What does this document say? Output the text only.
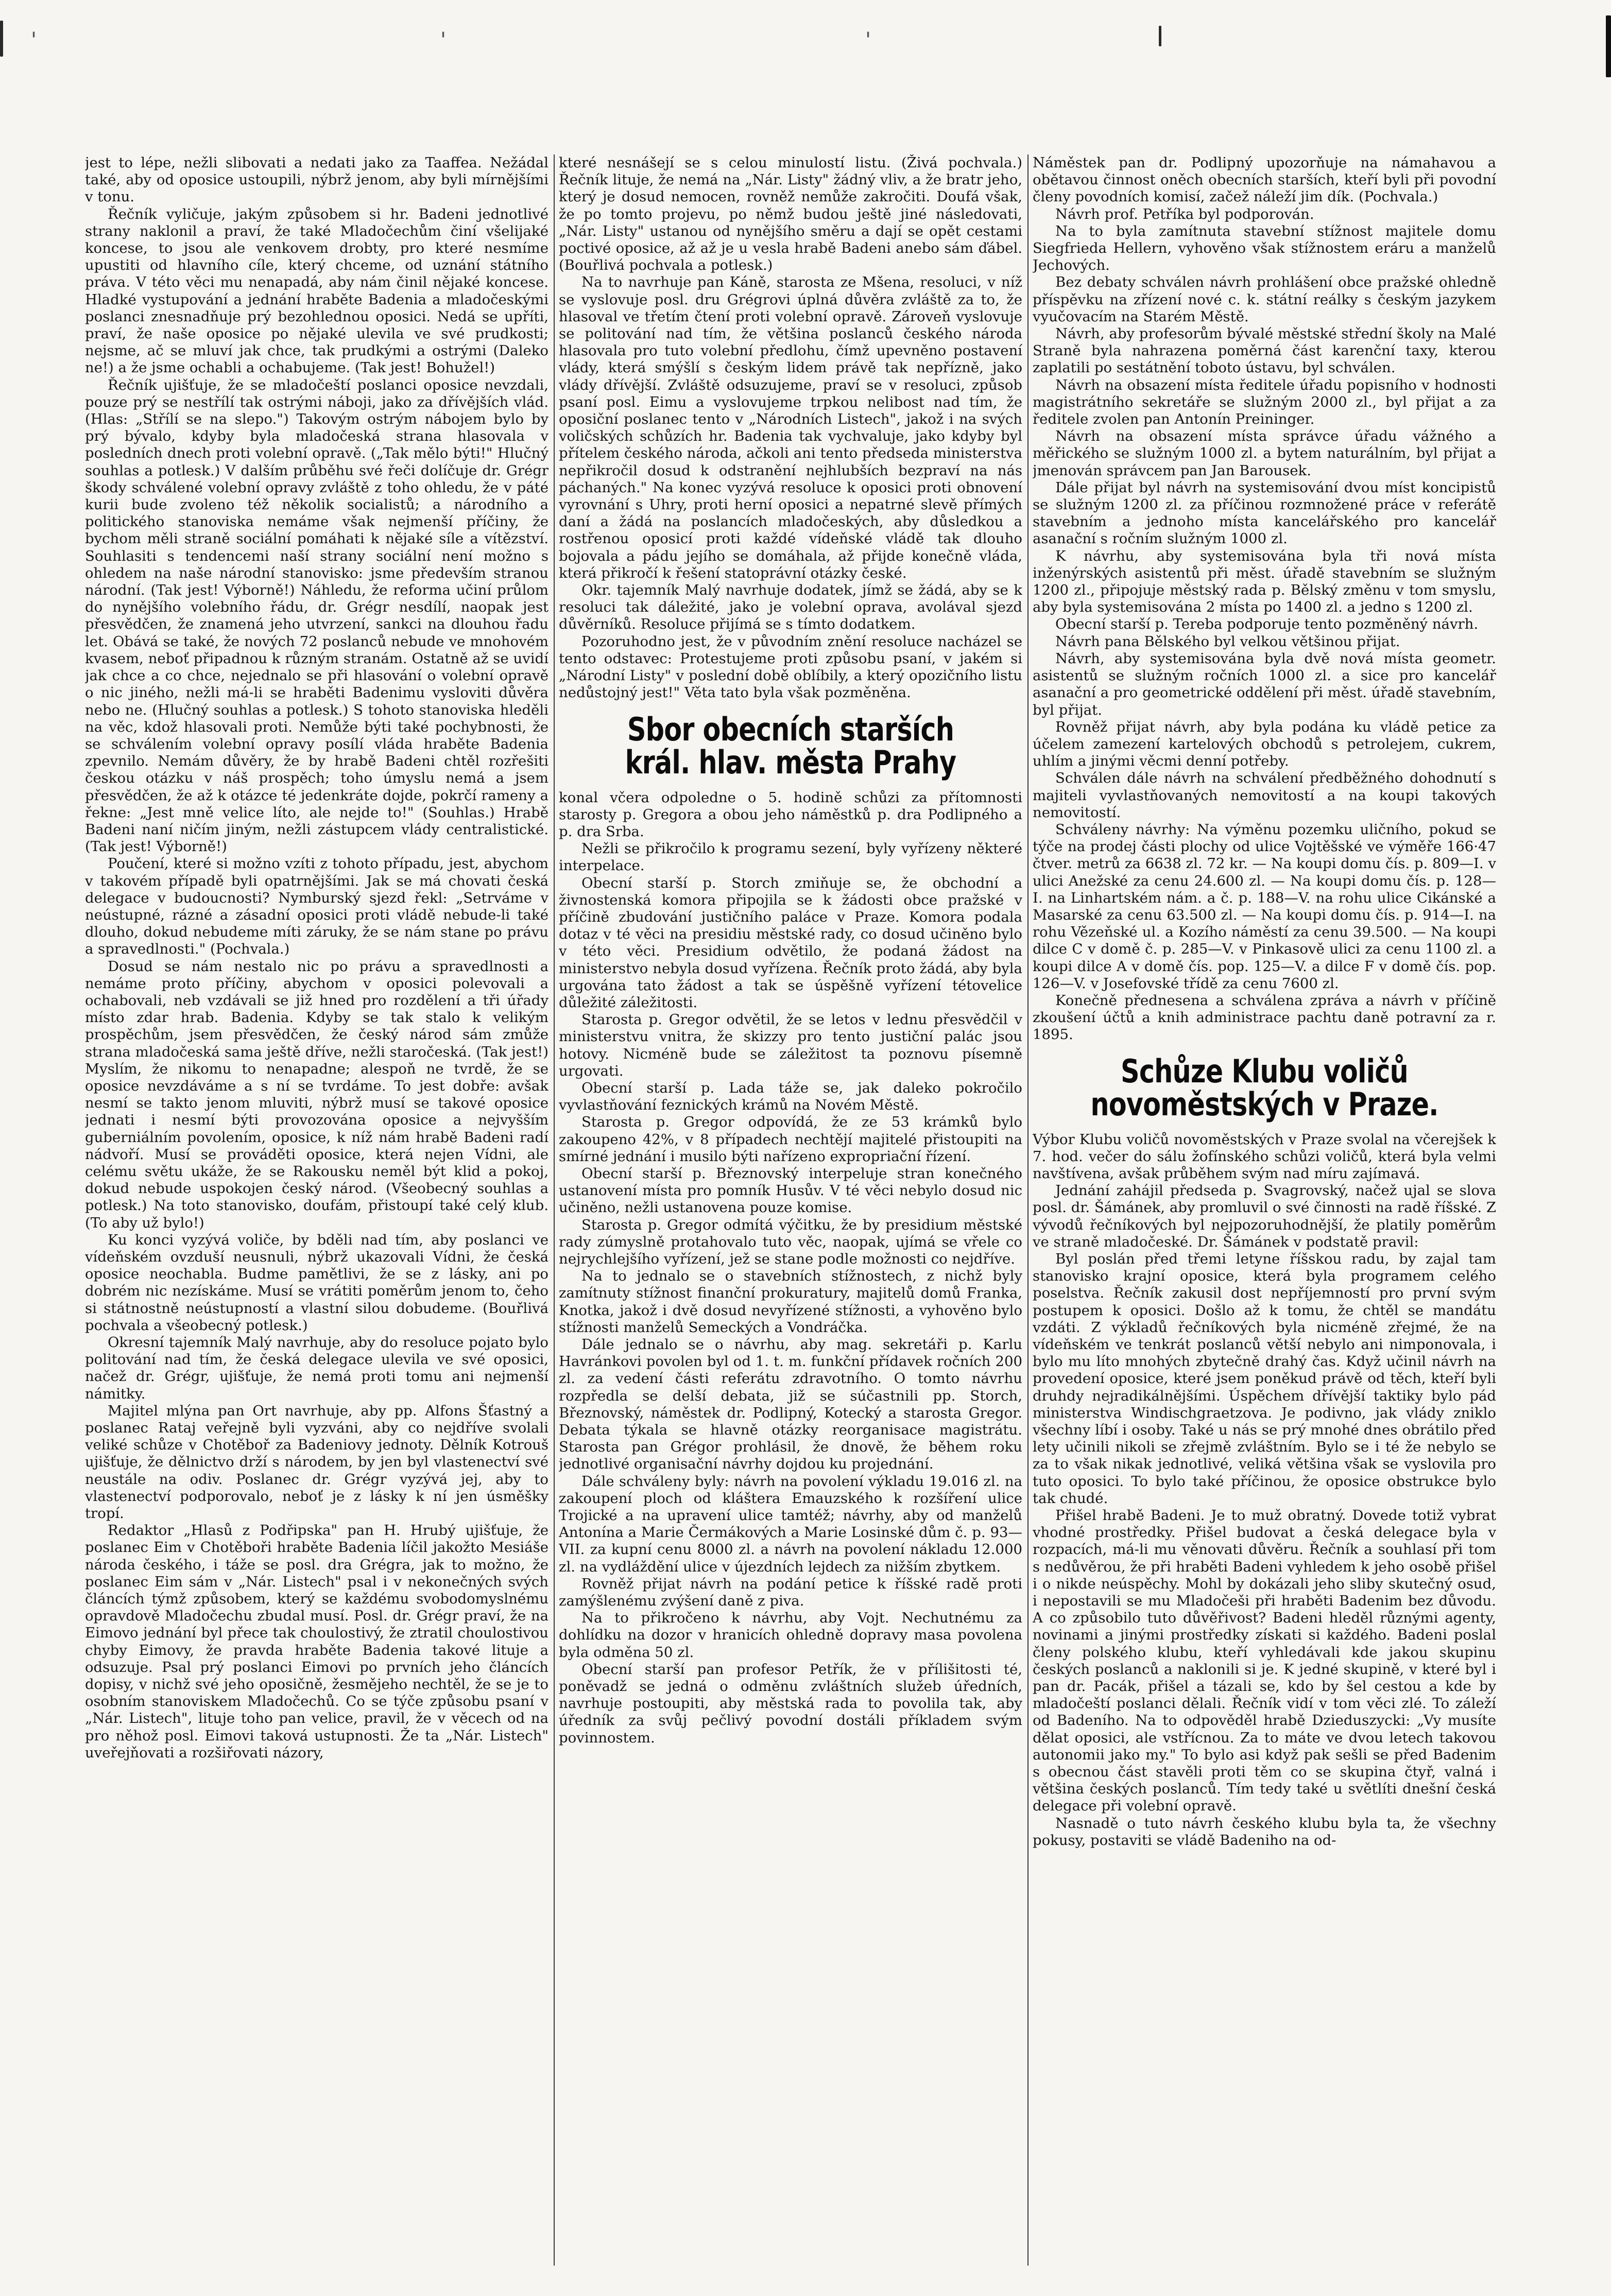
'	'	'

jest to lépe, nežli slibovati a nedati jako za Taaffea. Nežádal také, aby od oposice ustoupili, nýbrž jenom, aby byli mírnějšími v tonu.

Řečník vyličuje, jakým způsobem si hr. Badeni jednotlivé strany naklonil a praví, že také Mladočechům činí všelijaké koncese, to jsou ale venkovem drobty, pro které nesmíme upustiti od hlavního cíle, který chceme, od uznání státního práva. V této věci mu nenapadá, aby nám činil nějaké koncese. Hladké vystupování a jednání hraběte Badenia a mladočeskými poslanci znesnadňuje prý bezohlednou oposici. Nedá se upříti, praví, že naše oposice po nějaké ulevila ve své prudkosti; nejsme, ač se mluví jak chce, tak prudkými a ostrými (Daleko ne!) a že jsme ochabli a ochabujeme. (Tak jest! Bohužel!)

Řečník ujišťuje, že se mladočeští poslanci oposice nevzdali, pouze prý se nestřílí tak ostrými náboji, jako za dřívějších vlád. (Hlas: „Střílí se na slepo.") Takovým ostrým nábojem bylo by prý bývalo, kdyby byla mladočeská strana hlasovala v posledních dnech proti volební opravě. („Tak mělo býti!" Hlučný souhlas a potlesk.) V dalším průběhu své řeči dolíčuje dr. Grégr škody schválené volební opravy zvláště z toho ohledu, že v páté kurii bude zvoleno též několik socialistů; a národního a politického stanoviska nemáme však nejmenší příčiny, že bychom měli straně sociální pomáhati k nějaké síle a vítězství. Souhlasiti s tendencemi naší strany sociální není možno s ohledem na naše národní stanovisko: jsme především stranou národní. (Tak jest! Výborně!) Náhledu, že reforma učiní průlom do nynějšího volebního řádu, dr. Grégr nesdílí, naopak jest přesvědčen, že znamená jeho utvrzení, sankci na dlouhou řadu let. Obává se také, že nových 72 poslanců nebude ve mnohovém kvasem, neboť připadnou k různým stranám. Ostatně až se uvidí jak chce a co chce, nejednalo se při hlasování o volební opravě o nic jiného, nežli má-li se hraběti Badenimu vysloviti důvěra nebo ne. (Hlučný souhlas a potlesk.) S tohoto stanoviska hleděli na věc, kdož hlasovali proti. Nemůže býti také pochybnosti, že se schválením volební opravy posílí vláda hraběte Badenia zpevnilo. Nemám důvěry, že by hrabě Badeni chtěl rozřešiti českou otázku v náš prospěch; toho úmyslu nemá a jsem přesvědčen, že až k otázce té jedenkráte dojde, pokrčí rameny a řekne: „Jest mně velice líto, ale nejde to!" (Souhlas.) Hrabě Badeni naní ničím jiným, nežli zástupcem vlády centralistické. (Tak jest! Výborně!)

Poučení, které si možno vzíti z tohoto případu, jest, abychom v takovém případě byli opatrnějšími. Jak se má chovati česká delegace v budoucnosti? Nymburský sjezd řekl: „Setrváme v neústupné, rázné a zásadní oposici proti vládě nebude-li také dlouho, dokud nebudeme míti záruky, že se nám stane po právu a spravedlnosti." (Pochvala.)

Dosud se nám nestalo nic po právu a spravedlnosti a nemáme proto příčiny, abychom v oposici polevovali a ochabovali, neb vzdávali se již hned pro rozdělení a tři úřady místo zdar hrab. Badenia. Kdyby se tak stalo k velikým prospěchům, jsem přesvědčen, že český národ sám zmůže strana mladočeská sama ještě dříve, nežli staročeská. (Tak jest!) Myslím, že nikomu to nenapadne; alespoň ne tvrdě, že se oposice nevzdáváme a s ní se tvrdáme. To jest dobře: avšak nesmí se takto jenom mluviti, nýbrž musí se takové oposice jednati i nesmí býti provozována oposice a nejvyšším guberniálním povolením, oposice, k níž nám hrabě Badeni radí nádvoří. Musí se prováděti oposice, která nejen Vídni, ale celému světu ukáže, že se Rakousku neměl být klid a pokoj, dokud nebude uspokojen český národ. (Všeobecný souhlas a potlesk.) Na toto stanovisko, doufám, přistoupí také celý klub. (To aby už bylo!)

Ku konci vyzývá voliče, by bděli nad tím, aby poslanci ve vídeňském ovzduší neusnuli, nýbrž ukazovali Vídni, že česká oposice neochabla. Budme pamětlivi, že se z lásky, ani po dobrém nic nezískáme. Musí se vrátiti poměrům jenom to, čeho si státnostně neústupností a vlastní silou dobudeme. (Bouřlivá pochvala a všeobecný potlesk.)

Okresní tajemník Malý navrhuje, aby do resoluce pojato bylo politování nad tím, že česká delegace ulevila ve své oposici, načež dr. Grégr, ujišťuje, že nemá proti tomu ani nejmenší námitky.

Majitel mlýna pan Ort navrhuje, aby pp. Alfons Šťastný a poslanec Rataj veřejně byli vyzváni, aby co nejdříve svolali veliké schůze v Chotěboř za Badeniovy jednoty. Dělník Kotrouš ujišťuje, že dělnictvo drží s národem, by jen byl vlastenectví své neustále na odiv. Poslanec dr. Grégr vyzývá jej, aby to vlastenectví podporovalo, neboť je z lásky k ní jen úsměšky tropí.

Redaktor „Hlasů z Podřipska" pan H. Hrubý ujišťuje, že poslanec Eim v Chotěboři hraběte Badenia líčil jakožto Mesiáše národa českého, i táže se posl. dra Grégra, jak to možno, že poslanec Eim sám v „Nár. Listech" psal i v nekonečných svých článcích týmž způsobem, který se každému svobodomyslnému opravdově Mladočechu zbudal musí. Posl. dr. Grégr praví, že na Eimovo jednání byl přece tak choulostivý, že ztratil choulostivou chyby Eimovy, že pravda hraběte Badenia takové lituje a odsuzuje. Psal prý poslanci Eimovi po prvních jeho článcích dopisy, v nichž své jeho oposičně, žesmějeho nechtěl, že se je to osobním stanoviskem Mladočechů. Co se týče způsobu psaní v „Nár. Listech", lituje toho pan velice, pravil, že v věcech od na pro něhož posl. Eimovi taková ustupnosti. Že ta „Nár. Listech" uveřejňovati a rozšiřovati názory,

které nesnášejí se s celou minulostí listu. (Živá pochvala.) Řečník lituje, že nemá na „Nár. Listy" žádný vliv, a že bratr jeho, který je dosud nemocen, rovněž nemůže zakročiti. Doufá však, že po tomto projevu, po němž budou ještě jiné následovati, „Nár. Listy" ustanou od nynějšího směru a dají se opět cestami poctivé oposice, až až je u vesla hrabě Badeni anebo sám ďábel. (Bouřlivá pochvala a potlesk.)

Na to navrhuje pan Káně, starosta ze Mšena, resoluci, v níž se vyslovuje posl. dru Grégrovi úplná důvěra zvláště za to, že hlasoval ve třetím čtení proti volební opravě. Zároveň vyslovuje se politování nad tím, že většina poslanců českého národa hlasovala pro tuto volební předlohu, čímž upevněno postavení vlády, která smýšlí s českým lidem právě tak nepřízně, jako vlády dřívější. Zvláště odsuzujeme, praví se v resoluci, způsob psaní posl. Eimu a vyslovujeme trpkou nelibost nad tím, že oposiční poslanec tento v „Národních Listech", jakož i na svých voličských schůzích hr. Badenia tak vychvaluje, jako kdyby byl přítelem českého národa, ačkoli ani tento předseda ministerstva nepřikročil dosud k odstranění nejhlubších bezpraví na nás páchaných." Na konec vyzývá resoluce k oposici proti obnovení vyrovnání s Uhry, proti herní oposici a nepatrné slevě přímých daní a žádá na poslancích mladočeských, aby důsledkou a rostřenou oposicí proti každé vídeňské vládě tak dlouho bojovala a pádu jejího se domáhala, až přijde konečně vláda, která přikročí k řešení statoprávní otázky české.

Okr. tajemník Malý navrhuje dodatek, jímž se žádá, aby se k resoluci tak dáležité, jako je volební oprava, avolával sjezd důvěrníků. Resoluce přijímá se s tímto dodatkem.

Pozoruhodno jest, že v původním znění resoluce nacházel se tento odstavec: Protestujeme proti způsobu psaní, v jakém si „Národní Listy" v poslední době oblíbily, a který opozičního listu nedůstojný jest!" Věta tato byla však pozměněna.

Sbor obecních starších král. hlav. města Prahy

konal včera odpoledne o 5. hodině schůzi za přítomnosti starosty p. Gregora a obou jeho náměstků p. dra Podlipného a p. dra Srba.

Nežli se přikročilo k programu sezení, byly vyřízeny některé interpelace.

Obecní starší p. Storch zmiňuje se, že obchodní a živnostenská komora připojila se k žádosti obce pražské v příčině zbudování justičního paláce v Praze. Komora podala dotaz v té věci na presidiu městské rady, co dosud učiněno bylo v této věci. Presidium odvětilo, že podaná žádost na ministerstvo nebyla dosud vyřízena. Řečník proto žádá, aby byla urgována tato žádost a tak se úspěšně vyřízení tétovelice důležité záležitosti.

Starosta p. Gregor odvětil, že se letos v lednu přesvědčil v ministerstvu vnitra, že skizzy pro tento justiční palác jsou hotovy. Nicméně bude se záležitost ta poznovu písemně urgovati.

Obecní starší p. Lada táže se, jak daleko pokročilo vyvlastňování feznických krámů na Novém Městě.

Starosta p. Gregor odpovídá, že ze 53 krámků bylo zakoupeno 42%, v 8 případech nechtějí majitelé přistoupiti na smírné jednání i musilo býti nařízeno expropriační řízení.

Obecní starší p. Březnovský interpeluje stran konečného ustanovení místa pro pomník Husův. V té věci nebylo dosud nic učiněno, nežli ustanovena pouze komise.

Starosta p. Gregor odmítá výčitku, že by presidium městské rady zúmyslně protahovalo tuto věc, naopak, ujímá se vřele co nejrychlejšího vyřízení, jež se stane podle možnosti co nejdříve.

Na to jednalo se o stavebních stížnostech, z nichž byly zamítnuty stížnost finanční prokuratury, majitelů domů Franka, Knotka, jakož i dvě dosud nevyřízené stížnosti, a vyhověno bylo stížnosti manželů Semeckých a Vondráčka.

Dále jednalo se o návrhu, aby mag. sekretáři p. Karlu Havránkovi povolen byl od 1. t. m. funkční přídavek ročních 200 zl. za vedení části referátu zdravotního. O tomto návrhu rozpředla se delší debata, již se súčastnili pp. Storch, Březnovský, náměstek dr. Podlipný, Kotecký a starosta Gregor. Debata týkala se hlavně otázky reorganisace magistrátu. Starosta pan Grégor prohlásil, že dnově, že během roku jednotlivé organisační návrhy dojdou ku projednání.

Dále schváleny byly: návrh na povolení výkladu 19.016 zl. na zakoupení ploch od kláštera Emauzského k rozšíření ulice Trojické a na upravení ulice tamtéž; návrhy, aby od manželů Antonína a Marie Čermákových a Marie Losinské dům č. p. 93—VII. za kupní cenu 8000 zl. a návrh na povolení nákladu 12.000 zl. na vydláždění ulice v újezdních lejdech za nižším zbytkem.

Rovněž přijat návrh na podání petice k říšské radě proti zamýšlenému zvýšení daně z piva.

Na to přikročeno k návrhu, aby Vojt. Nechutnému za dohlídku na dozor v hranicích ohledně dopravy masa povolena byla odměna 50 zl.

Obecní starší pan profesor Petřík, že v přílišitosti té, poněvadž se jedná o odměnu zvláštních služeb úředních, navrhuje postoupiti, aby městská rada to povolila tak, aby úředník za svůj pečlivý povodní dostáli příkladem svým povinnostem.

Náměstek pan dr. Podlipný upozorňuje na námahavou a obětavou činnost oněch obecních starších, kteří byli při povodní členy povodních komisí, začež náleží jim dík. (Pochvala.)

Návrh prof. Petříka byl podporován.

Na to byla zamítnuta stavební stížnost majitele domu Siegfrieda Hellern, vyhověno však stížnostem eráru a manželů Jechových.

Bez debaty schválen návrh prohlášení obce pražské ohledně příspěvku na zřízení nové c. k. státní reálky s českým jazykem vyučovacím na Starém Městě.

Návrh, aby profesorům bývalé městské střední školy na Malé Straně byla nahrazena poměrná část karenční taxy, kterou zaplatili po sestátnění toboto ústavu, byl schválen.

Návrh na obsazení místa ředitele úřadu popisního v hodnosti magistrátního sekretáře se služným 2000 zl., byl přijat a za ředitele zvolen pan Antonín Preininger.

Návrh na obsazení místa správce úřadu vážného a měřického se služným 1000 zl. a bytem naturálním, byl přijat a jmenován správcem pan Jan Barousek.

Dále přijat byl návrh na systemisování dvou míst koncipistů se služným 1200 zl. za příčinou rozmnožené práce v referátě stavebním a jednoho místa kancelářského pro kancelář asanační s ročním služným 1000 zl.

K návrhu, aby systemisována byla tři nová místa inženýrských asistentů při měst. úřadě stavebním se služným 1200 zl., připojuje městský rada p. Bělský změnu v tom smyslu, aby byla systemisována 2 místa po 1400 zl. a jedno s 1200 zl.

Obecní starší p. Tereba podporuje tento pozměněný návrh.

Návrh pana Bělského byl velkou většinou přijat.

Návrh, aby systemisována byla dvě nová místa geometr. asistentů se služným ročních 1000 zl. a sice pro kancelář asanační a pro geometrické oddělení při měst. úřadě stavebním, byl přijat.

Rovněž přijat návrh, aby byla podána ku vládě petice za účelem zamezení kartelových obchodů s petrolejem, cukrem, uhlím a jinými věcmi denní potřeby.

Schválen dále návrh na schválení předběžného dohodnutí s majiteli vyvlastňovaných nemovitostí a na koupi takových nemovitostí.

Schváleny návrhy: Na výměnu pozemku uličního, pokud se týče na prodej části plochy od ulice Vojtěšské ve výměře 166·47 čtver. metrů za 6638 zl. 72 kr. — Na koupi domu čís. p. 809—I. v ulici Anežské za cenu 24.600 zl. — Na koupi domu čís. p. 128—I. na Linhartském nám. a č. p. 188—V. na rohu ulice Cikánské a Masarské za cenu 63.500 zl. — Na koupi domu čís. p. 914—I. na rohu Vězeňské ul. a Kozího náměstí za cenu 39.500. — Na koupi dilce C v domě č. p. 285—V. v Pinkasově ulici za cenu 1100 zl. a koupi dilce A v domě čís. pop. 125—V. a dilce F v domě čís. pop. 126—V. v Josefovské třídě za cenu 7600 zl.

Konečně přednesena a schválena zpráva a návrh v příčině zkoušení účtů a knih administrace pachtu daně potravní za r. 1895.

Schůze Klubu voličů novoměstských v Praze.

Výbor Klubu voličů novoměstských v Praze svolal na včerejšek k 7. hod. večer do sálu žofínského schůzi voličů, která byla velmi navštívena, avšak průběhem svým nad míru zajímavá.

Jednání zahájil předseda p. Svagrovský, načež ujal se slova posl. dr. Šámánek, aby promluvil o své činnosti na radě říšské. Z vývodů řečníkových byl nejpozoruhodnější, že platily poměrům ve straně mladočeské. Dr. Šámánek v podstatě pravil:

Byl poslán před třemi letyne říšskou radu, by zajal tam stanovisko krajní oposice, která byla programem celého poselstva. Řečník zakusil dost nepříjemností pro první svým postupem k oposici. Došlo až k tomu, že chtěl se mandátu vzdáti. Z výkladů řečníkových byla nicméně zřejmé, že na vídeňském ve tenkrát poslanců větší nebylo ani nimponovala, i bylo mu líto mnohých zbytečně drahý čas. Když učinil návrh na provedení oposice, které jsem poněkud právě od těch, kteří byli druhdy nejradikálnějšími. Úspěchem dřívější taktiky bylo pád ministerstva Windischgraetzova. Je podivno, jak vlády zniklo všechny líbí i osoby. Také u nás se prý mnohé dnes obrátilo před lety učinili nikoli se zřejmě zvláštním. Bylo se i té že nebylo se za to však nikak jednotlivé, veliká většina však se vyslovila pro tuto oposici. To bylo také příčinou, že oposice obstrukce bylo tak chudé.

Přišel hrabě Badeni. Je to muž obratný. Dovede totiž vybrat vhodné prostředky. Přišel budovat a česká delegace byla v rozpacích, má-li mu věnovati důvěru. Řečník a souhlasí při tom s nedůvěrou, že při hraběti Badeni vyhledem k jeho osobě přišel i o nikde neúspěchy. Mohl by dokázali jeho sliby skutečný osud, i nepostavili se mu Mladočeši při hraběti Badenim bez důvodu. A co způsobilo tuto důvěřivost? Badeni hleděl různými agenty, novinami a jinými prostředky získati si každého. Badeni poslal členy polského klubu, kteří vyhledávali kde jakou skupinu českých poslanců a naklonili si je. K jedné skupině, v které byl i pan dr. Pacák, přišel a tázali se, kdo by šel cestou a kde by mladočeští poslanci dělali. Řečník vidí v tom věci zlé. To záleží od Badeního. Na to odpověděl hrabě Dzieduszycki: „Vy musíte dělat oposici, ale vstřícnou. Za to máte ve dvou letech takovou autonomii jako my." To bylo asi když pak sešli se před Badenim s obecnou část stavěli proti těm co se skupina čtyř, valná i většina českých poslanců. Tím tedy také u světlíti dnešní česká delegace při volební opravě.

Nasnadě o tuto návrh českého klubu byla ta, že všechny pokusy, postaviti se vládě Badeniho na od-
